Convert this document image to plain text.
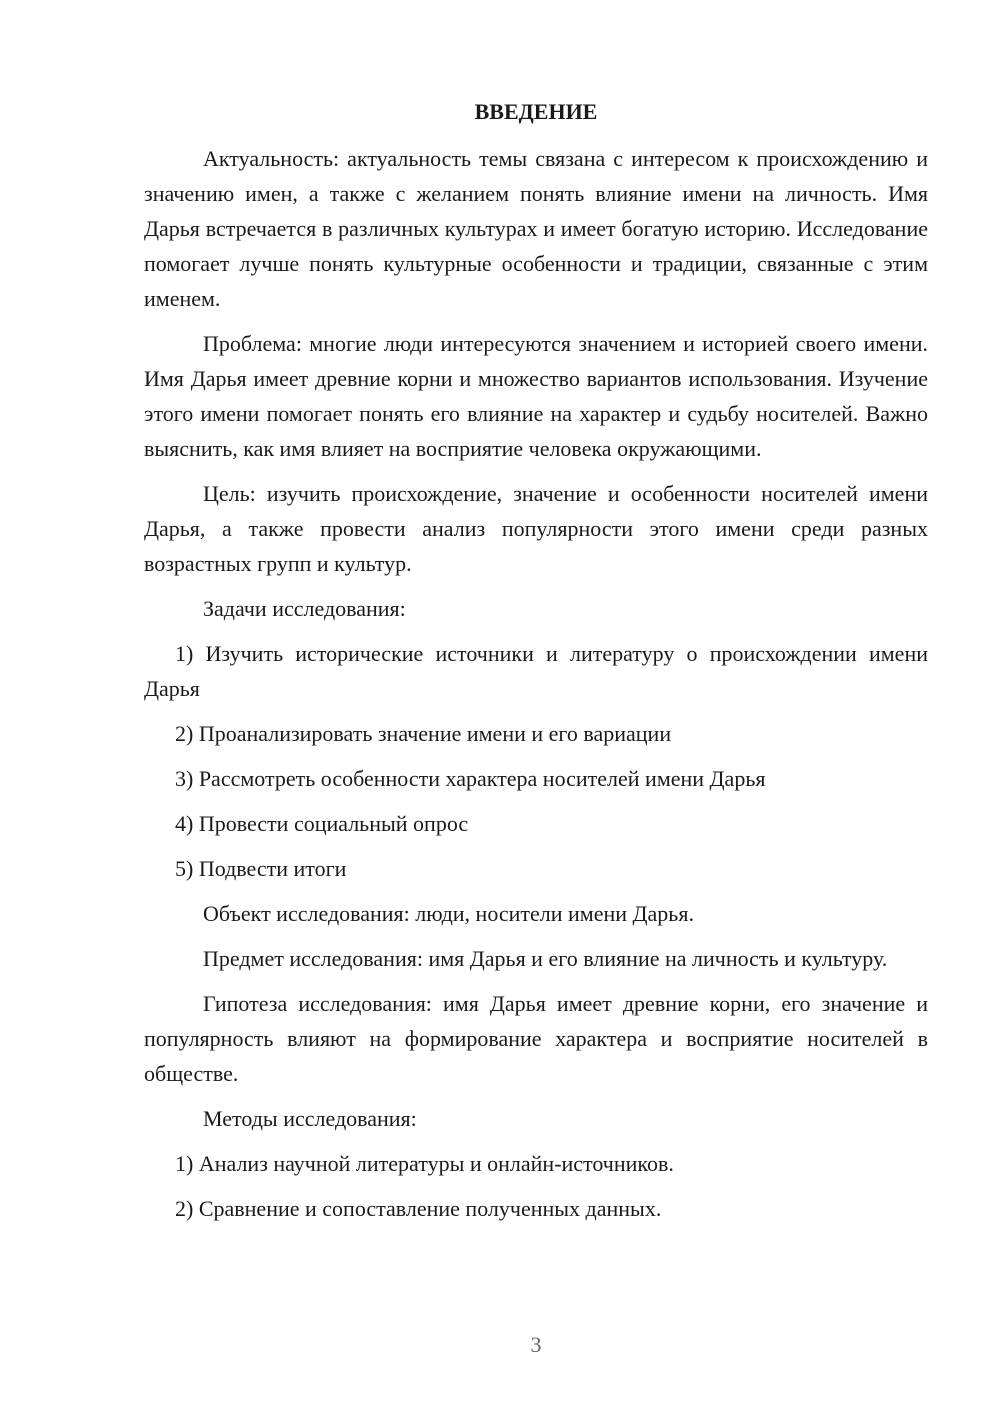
ВВЕДЕНИЕ

Актуальность: актуальность темы связана с интересом к происхождению и значению имен, а также с желанием понять влияние имени на личность. Имя Дарья встречается в различных культурах и имеет богатую историю. Исследование помогает лучше понять культурные особенности и традиции, связанные с этим именем.

Проблема: многие люди интересуются значением и историей своего имени. Имя Дарья имеет древние корни и множество вариантов использования. Изучение этого имени помогает понять его влияние на характер и судьбу носителей. Важно выяснить, как имя влияет на восприятие человека окружающими.

Цель: изучить происхождение, значение и особенности носителей имени Дарья, а также провести анализ популярности этого имени среди разных возрастных групп и культур.

Задачи исследования:

1) Изучить исторические источники и литературу о происхождении имени Дарья

2) Проанализировать значение имени и его вариации

3) Рассмотреть особенности характера носителей имени Дарья

4) Провести социальный опрос

5) Подвести итоги

Объект исследования: люди, носители имени Дарья.

Предмет исследования: имя Дарья и его влияние на личность и культуру.

Гипотеза исследования: имя Дарья имеет древние корни, его значение и популярность влияют на формирование характера и восприятие носителей в обществе.

Методы исследования:

1) Анализ научной литературы и онлайн-источников.

2) Сравнение и сопоставление полученных данных.

3
